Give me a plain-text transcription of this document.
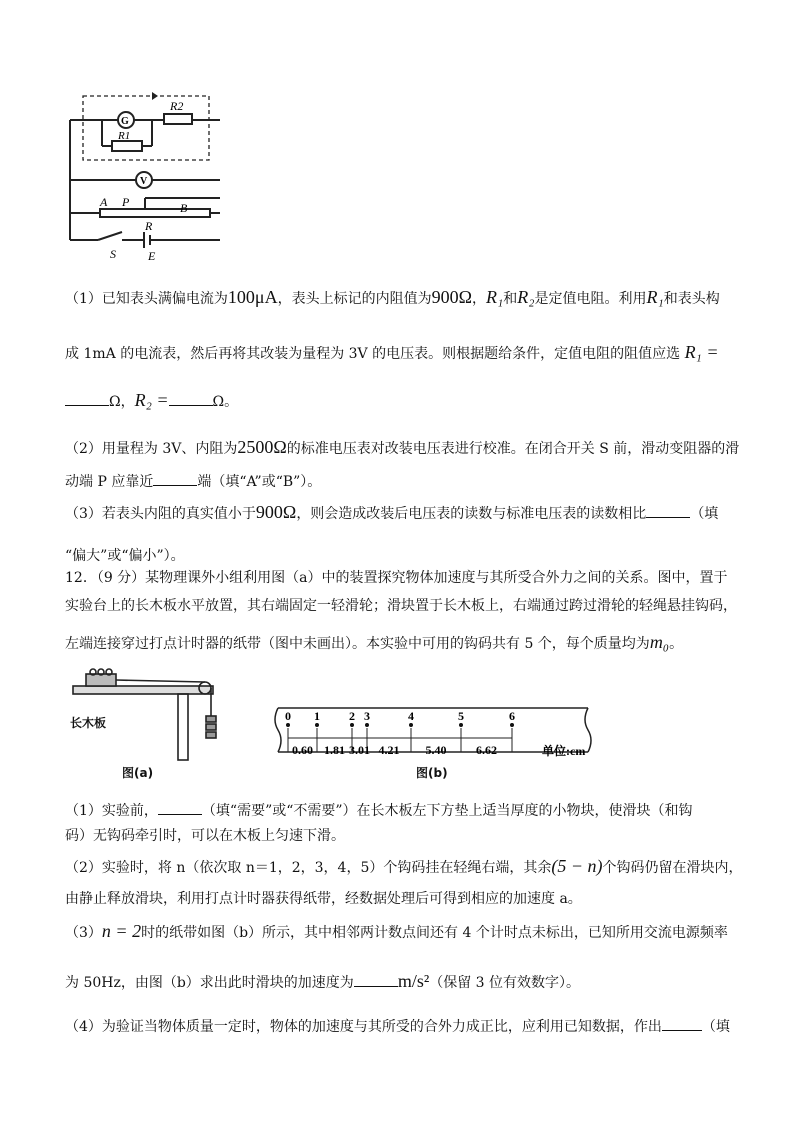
R2
G
R1
V
A P	B
R
S	E
（1）已知表头满偏电流为100μA，表头上标记的内阻值为900Ω，R₁和R₂是定值电阻。利用R₁和表头构
成 1mA 的电流表，然后再将其改装为量程为 3V 的电压表。则根据题给条件，定值电阻的阻值应选 R₁ =
Ω，R₂ =	Ω。
（2）用量程为 3V、内阻为2500Ω的标准电压表对改装电压表进行校准。在闭合开关 S 前，滑动变阻器的滑
动端 P 应靠近	端（填“A”或“B”）。
（3）若表头内阻的真实值小于900Ω，则会造成改装后电压表的读数与标准电压表的读数相比	（填
“偏大”或“偏小”）。
12．（9 分）某物理课外小组利用图（a）中的装置探究物体加速度与其所受合外力之间的关系。图中，置于
实验台上的长木板水平放置，其右端固定一轻滑轮；滑块置于长木板上，右端通过跨过滑轮的轻绳悬挂钩码，
左端连接穿过打点计时器的纸带（图中未画出）。本实验中可用的钩码共有 5 个，每个质量均为m₀。
长木板
图(a)
0 1 2 3	4	5	6
0.60 1.81 3.01 4.21 5.40 6.62	单位:cm
图(b)
（1）实验前，	（填“需要”或“不需要”）在长木板左下方垫上适当厚度的小物块，使滑块（和钩
码）无钩码牵引时，可以在木板上匀速下滑。
（2）实验时，将 n（依次取 n＝1，2，3，4，5）个钩码挂在轻绳右端，其余(5 − n)个钩码仍留在滑块内，
由静止释放滑块，利用打点计时器获得纸带，经数据处理后可得到相应的加速度 a。
（3）n = 2时的纸带如图（b）所示，其中相邻两计数点间还有 4 个计时点未标出，已知所用交流电源频率
为 50Hz，由图（b）求出此时滑块的加速度为 m/s²（保留 3 位有效数字）。
（4）为验证当物体质量一定时，物体的加速度与其所受的合外力成正比，应利用已知数据，作出	（填
